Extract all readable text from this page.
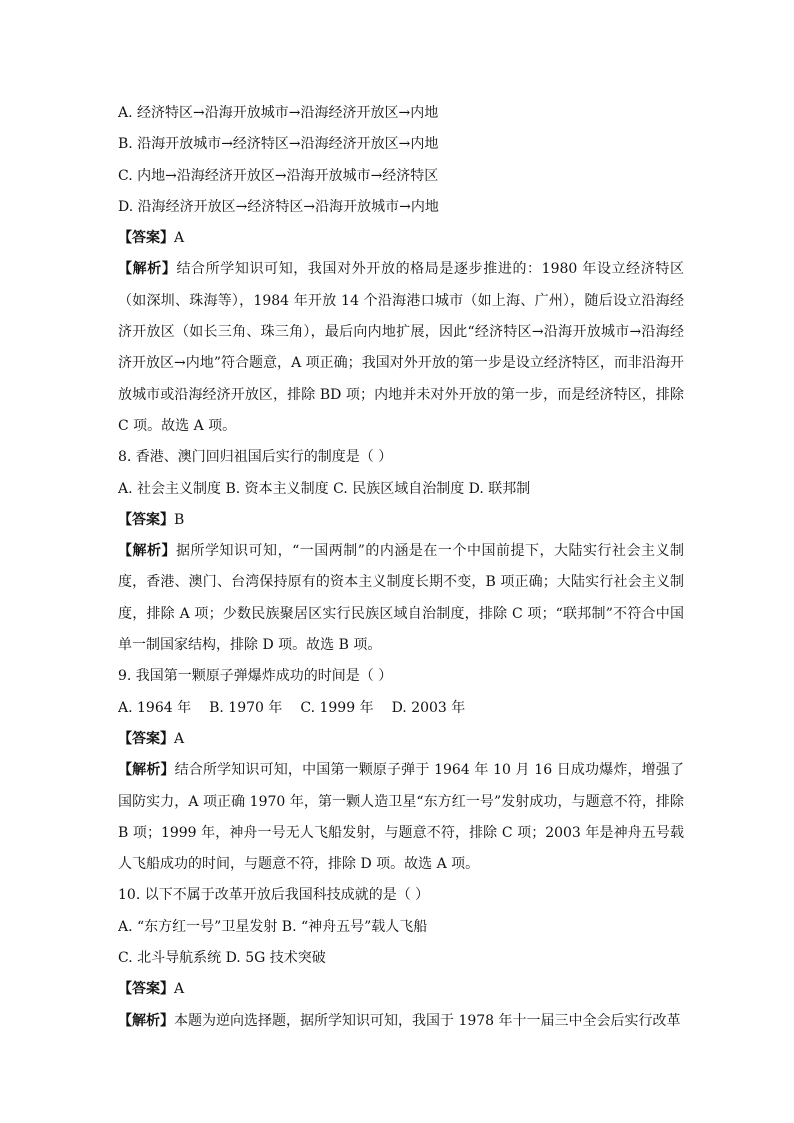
A. 经济特区→沿海开放城市→沿海经济开放区→内地
B. 沿海开放城市→经济特区→沿海经济开放区→内地
C. 内地→沿海经济开放区→沿海开放城市→经济特区
D. 沿海经济开放区→经济特区→沿海开放城市→内地
【答案】A
【解析】结合所学知识可知，我国对外开放的格局是逐步推进的：1980 年设立经济特区（如深圳、珠海等），1984 年开放 14 个沿海港口城市（如上海、广州），随后设立沿海经济开放区（如长三角、珠三角），最后向内地扩展，因此“经济特区→沿海开放城市→沿海经济开放区→内地”符合题意，A 项正确；我国对外开放的第一步是设立经济特区，而非沿海开放城市或沿海经济开放区，排除 BD 项；内地并未对外开放的第一步，而是经济特区，排除 C 项。故选 A 项。
8. 香港、澳门回归祖国后实行的制度是（ ）
A. 社会主义制度 B. 资本主义制度 C. 民族区域自治制度 D. 联邦制
【答案】B
【解析】据所学知识可知，“一国两制”的内涵是在一个中国前提下，大陆实行社会主义制度，香港、澳门、台湾保持原有的资本主义制度长期不变，B 项正确；大陆实行社会主义制度，排除 A 项；少数民族聚居区实行民族区域自治制度，排除 C 项；“联邦制”不符合中国单一制国家结构，排除 D 项。故选 B 项。
9. 我国第一颗原子弹爆炸成功的时间是（ ）
A. 1964 年 B. 1970 年 C. 1999 年 D. 2003 年
【答案】A
【解析】结合所学知识可知，中国第一颗原子弹于 1964 年 10 月 16 日成功爆炸，增强了国防实力，A 项正确 1970 年，第一颗人造卫星“东方红一号”发射成功，与题意不符，排除 B 项；1999 年，神舟一号无人飞船发射，与题意不符，排除 C 项；2003 年是神舟五号载人飞船成功的时间，与题意不符，排除 D 项。故选 A 项。
10. 以下不属于改革开放后我国科技成就的是（ ）
A. “东方红一号”卫星发射 B. “神舟五号”载人飞船
C. 北斗导航系统 D. 5G 技术突破
【答案】A
【解析】本题为逆向选择题，据所学知识可知，我国于 1978 年十一届三中全会后实行改革
